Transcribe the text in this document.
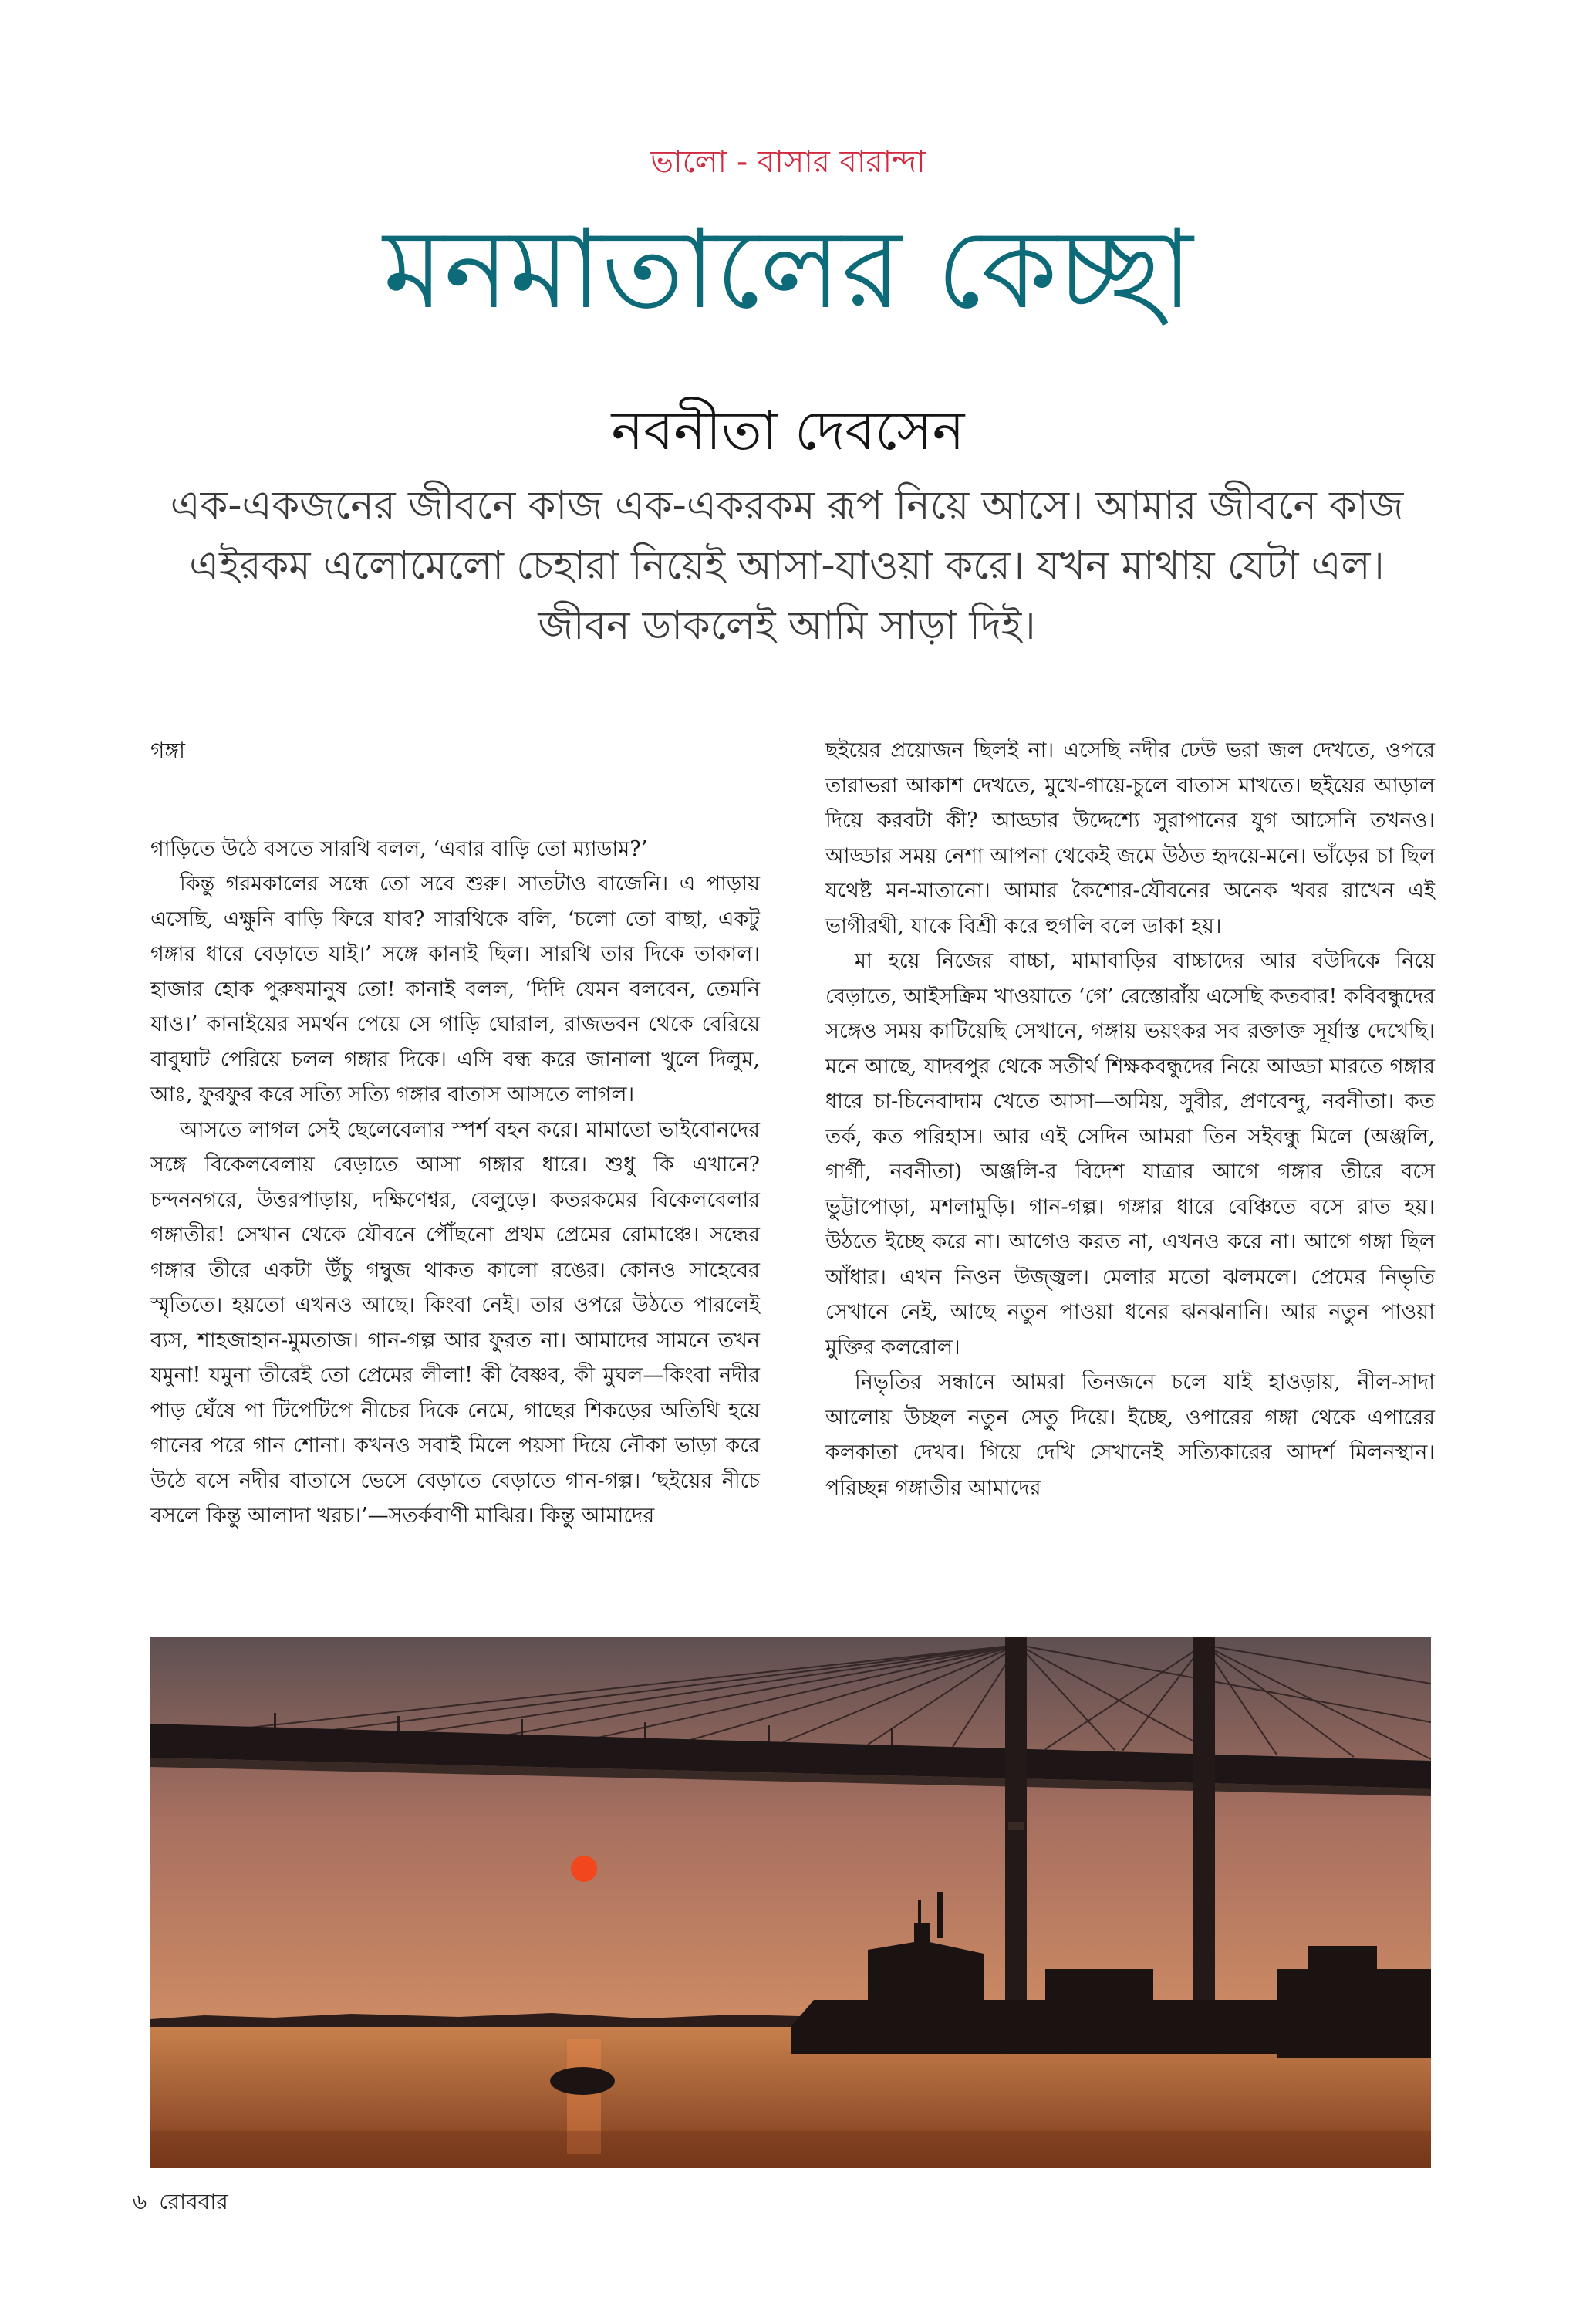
ভালো - বাসার বারান্দা
মনমাতালের কেচ্ছা
নবনীতা দেবসেন
এক-একজনের জীবনে কাজ এক-একরকম রূপ নিয়ে আসে। আমার জীবনে কাজ এইরকম এলোমেলো চেহারা নিয়েই আসা-যাওয়া করে। যখন মাথায় যেটা এল। জীবন ডাকলেই আমি সাড়া দিই।

গঙ্গা

গাড়িতে উঠে বসতে সারথি বলল, ‘এবার বাড়ি তো ম্যাডাম?’

কিন্তু গরমকালের সন্ধে তো সবে শুরু। সাতটাও বাজেনি। এ পাড়ায় এসেছি, এক্ষুনি বাড়ি ফিরে যাব? সারথিকে বলি, ‘চলো তো বাছা, একটু গঙ্গার ধারে বেড়াতে যাই।’ সঙ্গে কানাই ছিল। সারথি তার দিকে তাকাল। হাজার হোক পুরুষমানুষ তো! কানাই বলল, ‘দিদি যেমন বলবেন, তেমনি যাও।’ কানাইয়ের সমর্থন পেয়ে সে গাড়ি ঘোরাল, রাজভবন থেকে বেরিয়ে বাবুঘাট পেরিয়ে চলল গঙ্গার দিকে। এসি বন্ধ করে জানালা খুলে দিলুম, আঃ, ফুরফুর করে সত্যি সত্যি গঙ্গার বাতাস আসতে লাগল।

আসতে লাগল সেই ছেলেবেলার স্পর্শ বহন করে। মামাতো ভাইবোনদের সঙ্গে বিকেলবেলায় বেড়াতে আসা গঙ্গার ধারে। শুধু কি এখানে? চন্দননগরে, উত্তরপাড়ায়, দক্ষিণেশ্বর, বেলুড়ে। কতরকমের বিকেলবেলার গঙ্গাতীর! সেখান থেকে যৌবনে পৌঁছনো প্রথম প্রেমের রোমাঞ্চে। সন্ধের গঙ্গার তীরে একটা উঁচু গম্বুজ থাকত কালো রঙের। কোনও সাহেবের স্মৃতিতে। হয়তো এখনও আছে। কিংবা নেই। তার ওপরে উঠতে পারলেই ব্যস, শাহজাহান-মুমতাজ। গান-গল্প আর ফুরত না। আমাদের সামনে তখন যমুনা! যমুনা তীরেই তো প্রেমের লীলা! কী বৈষ্ণব, কী মুঘল—কিংবা নদীর পাড় ঘেঁষে পা টিপেটিপে নীচের দিকে নেমে, গাছের শিকড়ের অতিথি হয়ে গানের পরে গান শোনা। কখনও সবাই মিলে পয়সা দিয়ে নৌকা ভাড়া করে উঠে বসে নদীর বাতাসে ভেসে বেড়াতে বেড়াতে গান-গল্প। ‘ছইয়ের নীচে বসলে কিন্তু আলাদা খরচ।’—সতর্কবাণী মাঝির। কিন্তু আমাদের

ছইয়ের প্রয়োজন ছিলই না। এসেছি নদীর ঢেউ ভরা জল দেখতে, ওপরে তারাভরা আকাশ দেখতে, মুখে-গায়ে-চুলে বাতাস মাখতে। ছইয়ের আড়াল দিয়ে করবটা কী? আড্ডার উদ্দেশ্যে সুরাপানের যুগ আসেনি তখনও। আড্ডার সময় নেশা আপনা থেকেই জমে উঠত হৃদয়ে-মনে। ভাঁড়ের চা ছিল যথেষ্ট মন-মাতানো। আমার কৈশোর-যৌবনের অনেক খবর রাখেন এই ভাগীরথী, যাকে বিশ্রী করে হুগলি বলে ডাকা হয়।

মা হয়ে নিজের বাচ্চা, মামাবাড়ির বাচ্চাদের আর বউদিকে নিয়ে বেড়াতে, আইসক্রিম খাওয়াতে ‘গে’ রেস্তোরাঁয় এসেছি কতবার! কবিবন্ধুদের সঙ্গেও সময় কাটিয়েছি সেখানে, গঙ্গায় ভয়ংকর সব রক্তাক্ত সূর্যাস্ত দেখেছি। মনে আছে, যাদবপুর থেকে সতীর্থ শিক্ষকবন্ধুদের নিয়ে আড্ডা মারতে গঙ্গার ধারে চা-চিনেবাদাম খেতে আসা—অমিয়, সুবীর, প্রণবেন্দু, নবনীতা। কত তর্ক, কত পরিহাস। আর এই সেদিন আমরা তিন সইবন্ধু মিলে (অঞ্জলি, গার্গী, নবনীতা) অঞ্জলি-র বিদেশ যাত্রার আগে গঙ্গার তীরে বসে ভুট্টাপোড়া, মশলামুড়ি। গান-গল্প। গঙ্গার ধারে বেঞ্চিতে বসে রাত হয়। উঠতে ইচ্ছে করে না। আগেও করত না, এখনও করে না। আগে গঙ্গা ছিল আঁধার। এখন নিওন উজ্জ্বল। মেলার মতো ঝলমলে। প্রেমের নিভৃতি সেখানে নেই, আছে নতুন পাওয়া ধনের ঝনঝনানি। আর নতুন পাওয়া মুক্তির কলরোল।

নিভৃতির সন্ধানে আমরা তিনজনে চলে যাই হাওড়ায়, নীল-সাদা আলোয় উচ্ছল নতুন সেতু দিয়ে। ইচ্ছে, ওপারের গঙ্গা থেকে এপারের কলকাতা দেখব। গিয়ে দেখি সেখানেই সত্যিকারের আদর্শ মিলনস্থান। পরিচ্ছন্ন গঙ্গাতীর আমাদের

৬ রোববার
